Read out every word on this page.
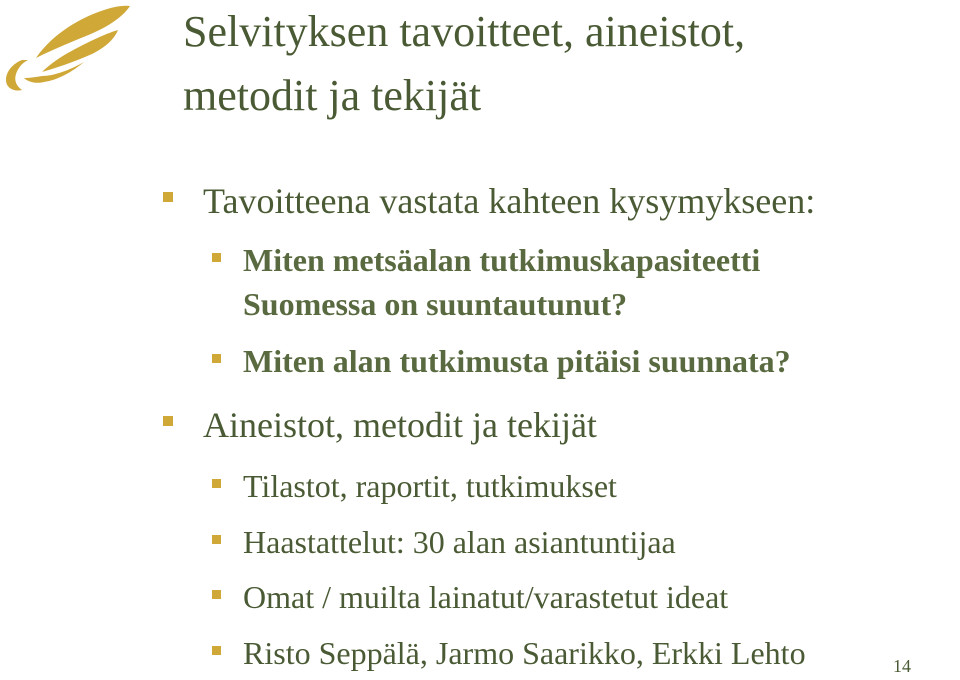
Selvityksen tavoitteet, aineistot,
metodit ja tekijät
Tavoitteena vastata kahteen kysymykseen:
Miten metsäalan tutkimuskapasiteetti
Suomessa on suuntautunut?
Miten alan tutkimusta pitäisi suunnata?
Aineistot, metodit ja tekijät
Tilastot, raportit, tutkimukset
Haastattelut: 30 alan asiantuntijaa
Omat / muilta lainatut/varastetut ideat
Risto Seppälä, Jarmo Saarikko, Erkki Lehto	14
